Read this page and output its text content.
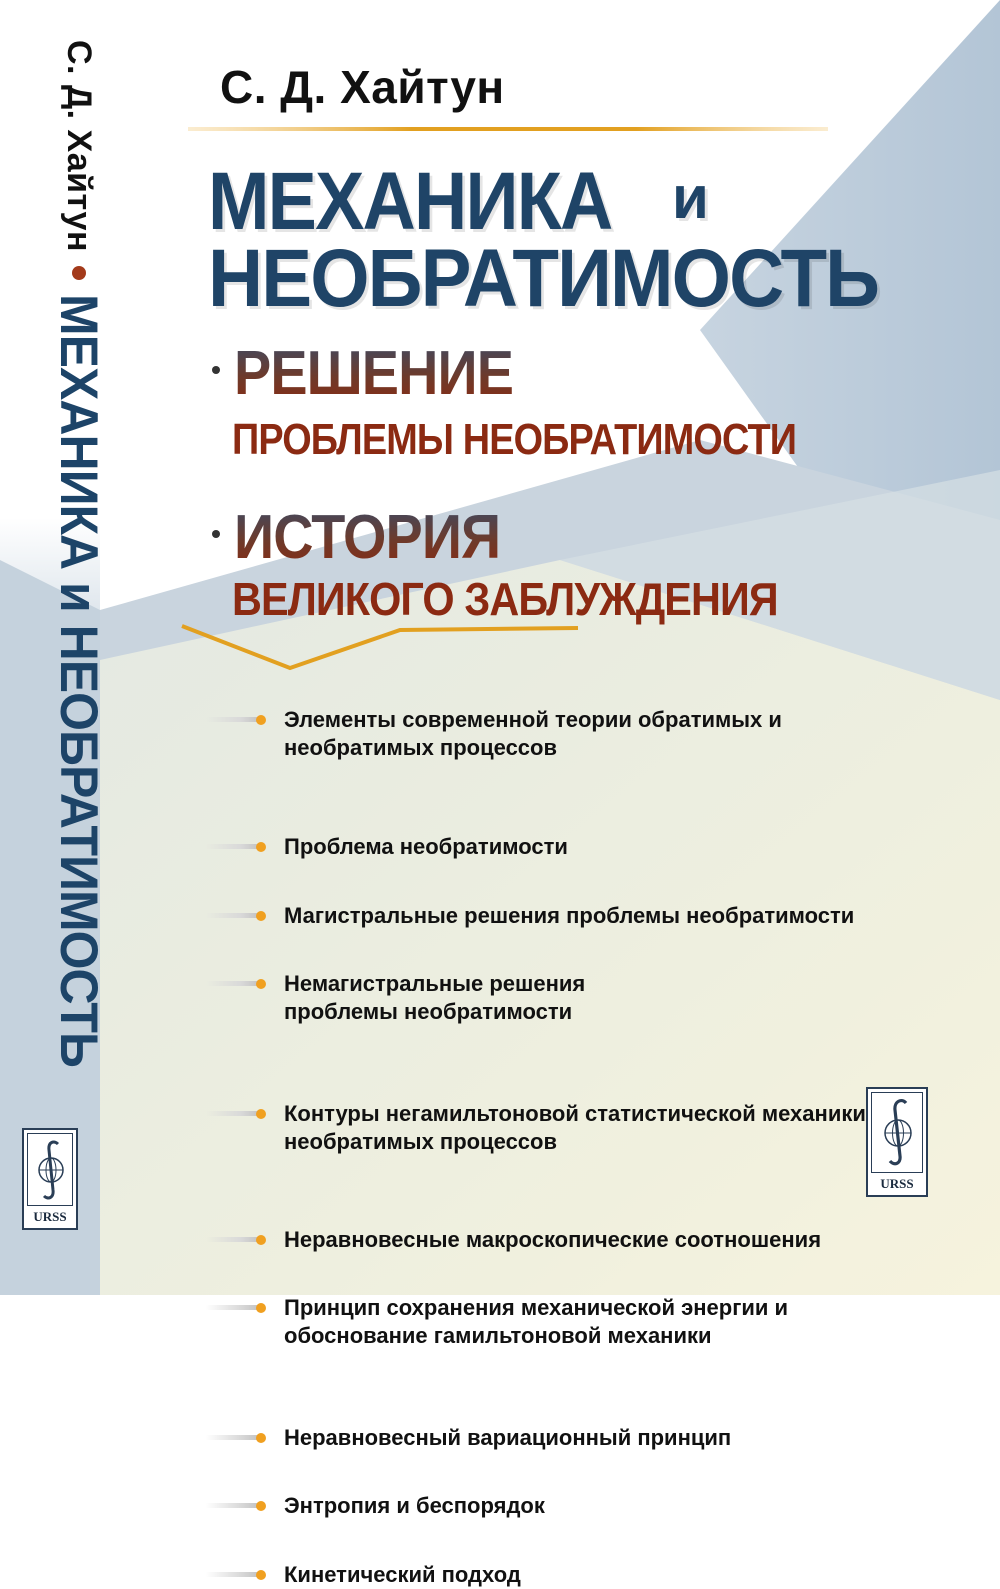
С. Д. Хайтун
МЕХАНИКА и НЕОБРАТИМОСТЬ
URSS
С. Д. Хайтун
МЕХАНИКА и
НЕОБРАТИМОСТЬ
РЕШЕНИЕ
ПРОБЛЕМЫ НЕОБРАТИМОСТИ
ИСТОРИЯ
ВЕЛИКОГО ЗАБЛУЖДЕНИЯ
Элементы современной теории обратимых и
необратимых процессов
Проблема необратимости
Магистральные решения проблемы необратимости
Немагистральные решения
проблемы необратимости
Контуры негамильтоновой статистической механики
необратимых процессов
Неравновесные макроскопические соотношения
Принцип сохранения механической энергии и
обоснование гамильтоновой механики
Неравновесный вариационный принцип
Энтропия и беспорядок
Кинетический подход
URSS
